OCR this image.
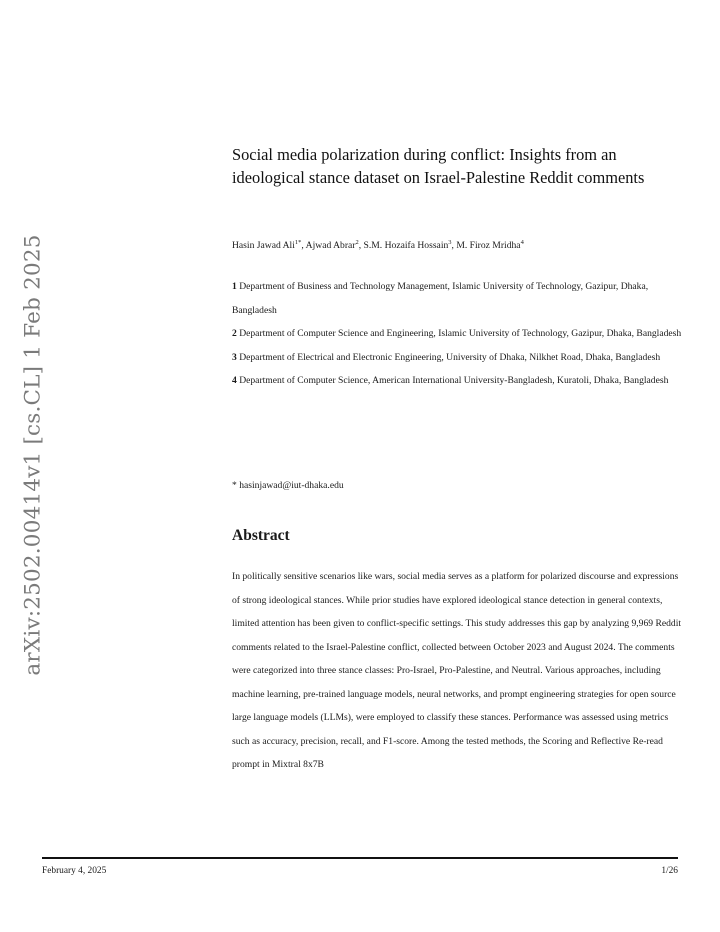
arXiv:2502.00414v1 [cs.CL] 1 Feb 2025
Social media polarization during conflict: Insights from an ideological stance dataset on Israel-Palestine Reddit comments
Hasin Jawad Ali$^{1*}$, Ajwad Abrar$^2$, S.M. Hozaifa Hossain$^3$, M. Firoz Mridha$^4$
1 Department of Business and Technology Management, Islamic University of Technology, Gazipur, Dhaka, Bangladesh
2 Department of Computer Science and Engineering, Islamic University of Technology, Gazipur, Dhaka, Bangladesh
3 Department of Electrical and Electronic Engineering, University of Dhaka, Nilkhet Road, Dhaka, Bangladesh
4 Department of Computer Science, American International University-Bangladesh, Kuratoli, Dhaka, Bangladesh
* hasinjawad@iut-dhaka.edu
Abstract
In politically sensitive scenarios like wars, social media serves as a platform for polarized discourse and expressions of strong ideological stances. While prior studies have explored ideological stance detection in general contexts, limited attention has been given to conflict-specific settings. This study addresses this gap by analyzing 9,969 Reddit comments related to the Israel-Palestine conflict, collected between October 2023 and August 2024. The comments were categorized into three stance classes: Pro-Israel, Pro-Palestine, and Neutral. Various approaches, including machine learning, pre-trained language models, neural networks, and prompt engineering strategies for open source large language models (LLMs), were employed to classify these stances. Performance was assessed using metrics such as accuracy, precision, recall, and F1-score. Among the tested methods, the Scoring and Reflective Re-read prompt in Mixtral 8x7B
February 4, 2025	1/26
